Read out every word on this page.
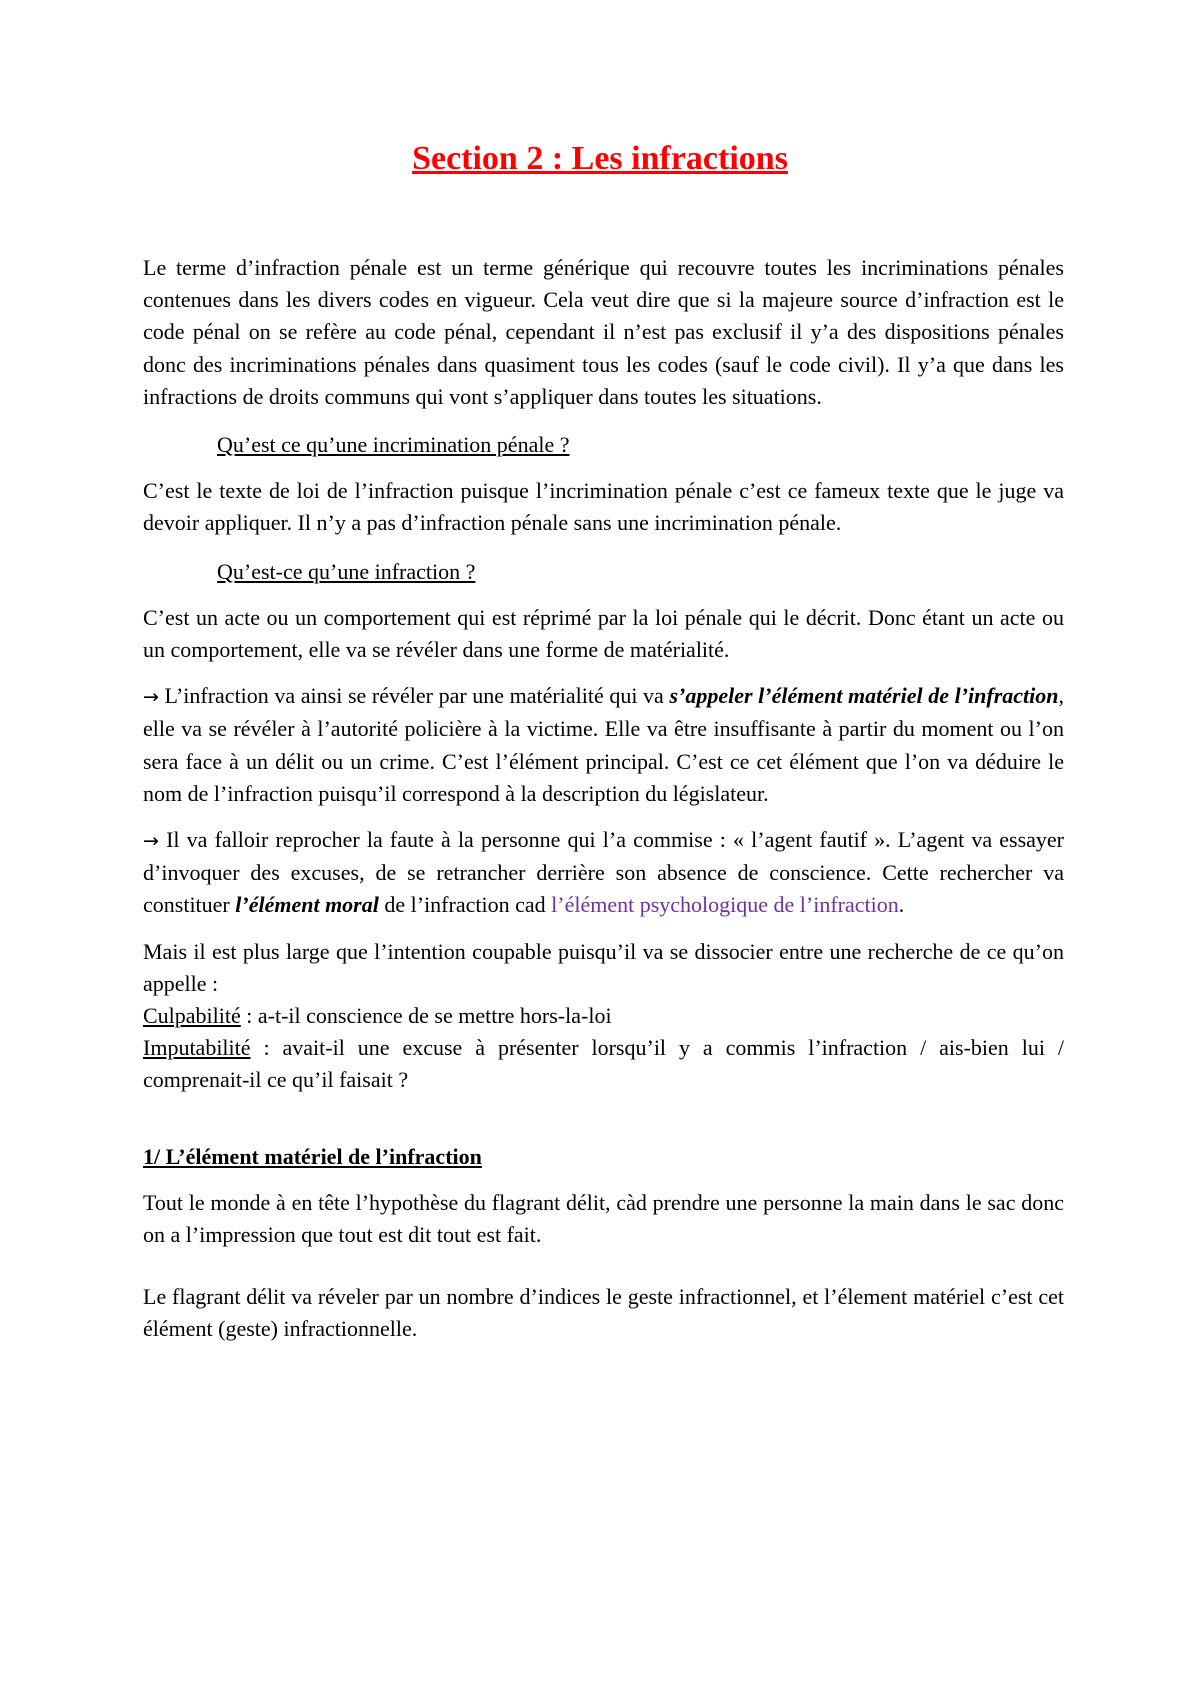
Section 2 : Les infractions

Le terme d’infraction pénale est un terme générique qui recouvre toutes les incriminations pénales contenues dans les divers codes en vigueur. Cela veut dire que si la majeure source d’infraction est le code pénal on se refère au code pénal, cependant il n’est pas exclusif il y’a des dispositions pénales donc des incriminations pénales dans quasiment tous les codes (sauf le code civil). Il y’a que dans les infractions de droits communs qui vont s’appliquer dans toutes les situations.

Qu’est ce qu’une incrimination pénale ?

C’est le texte de loi de l’infraction puisque l’incrimination pénale c’est ce fameux texte que le juge va devoir appliquer. Il n’y a pas d’infraction pénale sans une incrimination pénale.

Qu’est-ce qu’une infraction ?

C’est un acte ou un comportement qui est réprimé par la loi pénale qui le décrit. Donc étant un acte ou un comportement, elle va se révéler dans une forme de matérialité.

→ L’infraction va ainsi se révéler par une matérialité qui va s’appeler l’élément matériel de l’infraction, elle va se révéler à l’autorité policière à la victime. Elle va être insuffisante à partir du moment ou l’on sera face à un délit ou un crime. C’est l’élément principal. C’est ce cet élément que l’on va déduire le nom de l’infraction puisqu’il correspond à la description du législateur.

→ Il va falloir reprocher la faute à la personne qui l’a commise : « l’agent fautif ». L’agent va essayer d’invoquer des excuses, de se retrancher derrière son absence de conscience. Cette rechercher va constituer l’élément moral de l’infraction cad l’élément psychologique de l’infraction.

Mais il est plus large que l’intention coupable puisqu’il va se dissocier entre une recherche de ce qu’on appelle :

Culpabilité : a-t-il conscience de se mettre hors-la-loi

Imputabilité : avait-il une excuse à présenter lorsqu’il y a commis l’infraction / ais-bien lui / comprenait-il ce qu’il faisait ?

1/ L’élément matériel de l’infraction

Tout le monde à en tête l’hypothèse du flagrant délit, càd prendre une personne la main dans le sac donc on a l’impression que tout est dit tout est fait.

Le flagrant délit va réveler par un nombre d’indices le geste infractionnel, et l’élement matériel c’est cet élément (geste) infractionnelle.
